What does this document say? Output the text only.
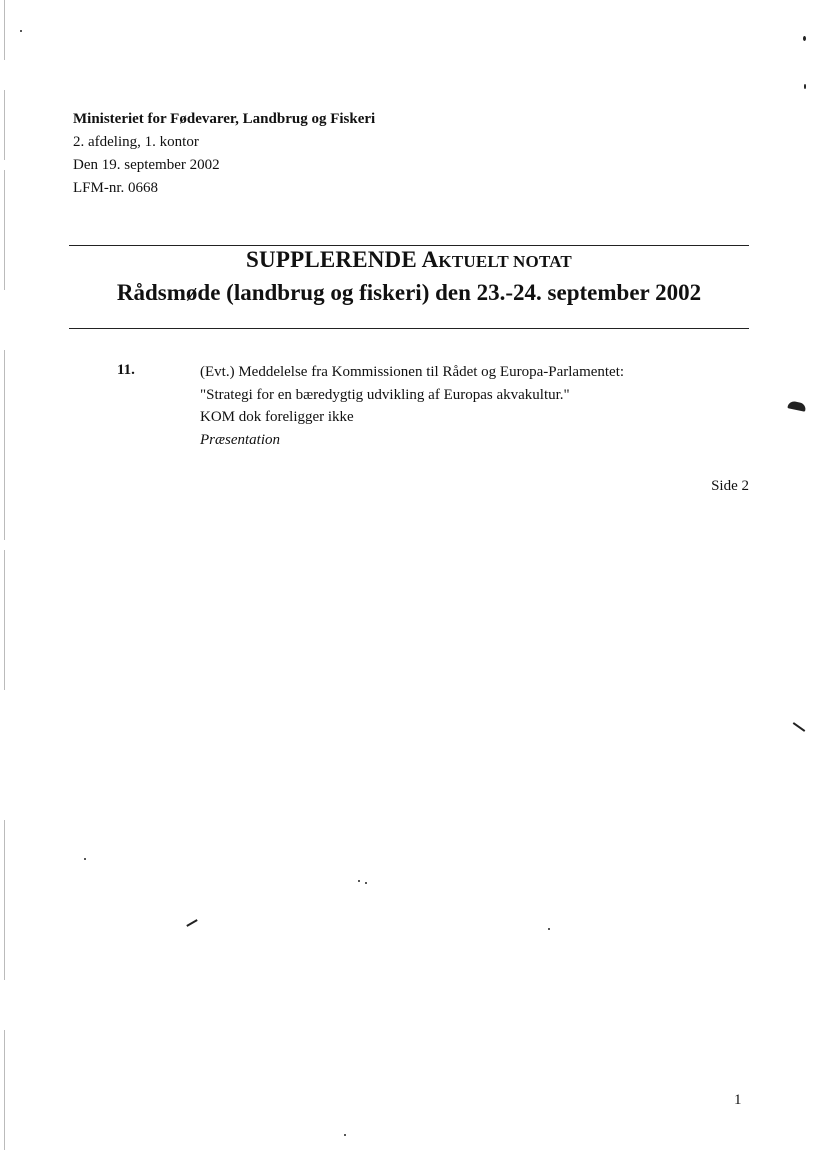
Ministeriet for Fødevarer, Landbrug og Fiskeri
2. afdeling, 1. kontor
Den 19. september 2002
LFM-nr. 0668
SUPPLERENDE AKTUELT NOTAT
Rådsmøde (landbrug og fiskeri) den 23.-24. september 2002
11.	(Evt.) Meddelelse fra Kommissionen til Rådet og Europa-Parlamentet:
"Strategi for en bæredygtig udvikling af Europas akvakultur."
KOM dok foreligger ikke
Præsentation
Side 2
1
